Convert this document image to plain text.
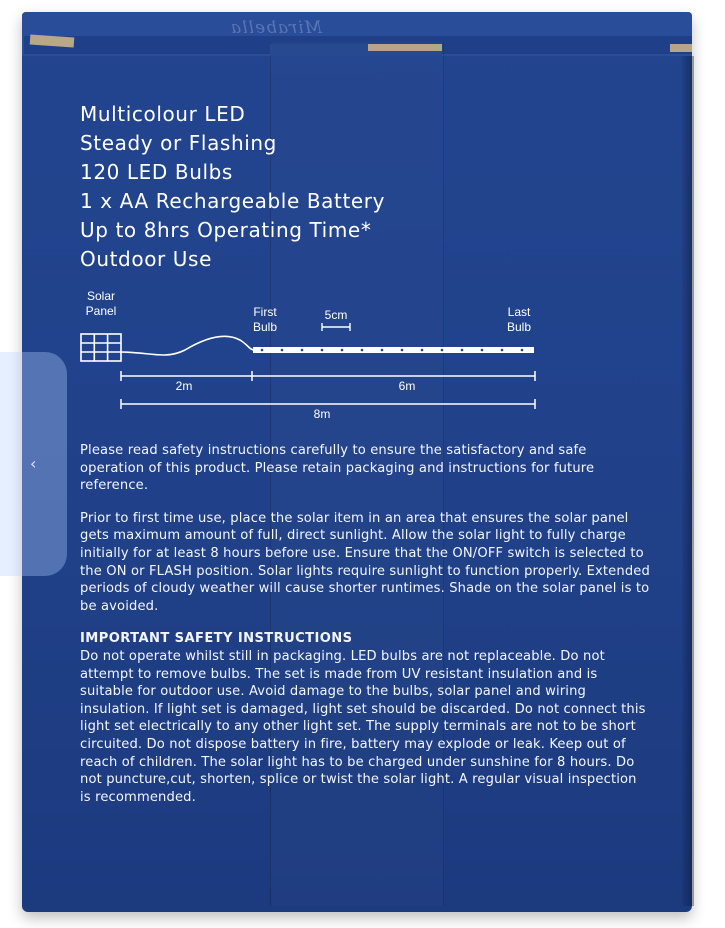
Mirabella
Multicolour LED
Steady or Flashing
120 LED Bulbs
1 x AA Rechargeable Battery
Up to 8hrs Operating Time*
Outdoor Use
Solar
Panel	First
Bulb
5cm	Last
Bulb
2m	6m
8m

Please read safety instructions carefully to ensure the satisfactory and safe operation of this product. Please retain packaging and instructions for future reference.

Prior to first time use, place the solar item in an area that ensures the solar panel gets maximum amount of full, direct sunlight. Allow the solar light to fully charge initially for at least 8 hours before use. Ensure that the ON/OFF switch is selected to the ON or FLASH position. Solar lights require sunlight to function properly. Extended periods of cloudy weather will cause shorter runtimes. Shade on the solar panel is to be avoided.

IMPORTANT SAFETY INSTRUCTIONS

Do not operate whilst still in packaging. LED bulbs are not replaceable. Do not attempt to remove bulbs. The set is made from UV resistant insulation and is suitable for outdoor use. Avoid damage to the bulbs, solar panel and wiring insulation. If light set is damaged, light set should be discarded. Do not connect this light set electrically to any other light set. The supply terminals are not to be short circuited. Do not dispose battery in fire, battery may explode or leak. Keep out of reach of children. The solar light has to be charged under sunshine for 8 hours. Do not puncture,cut, shorten, splice or twist the solar light. A regular visual inspection is recommended.

‹
